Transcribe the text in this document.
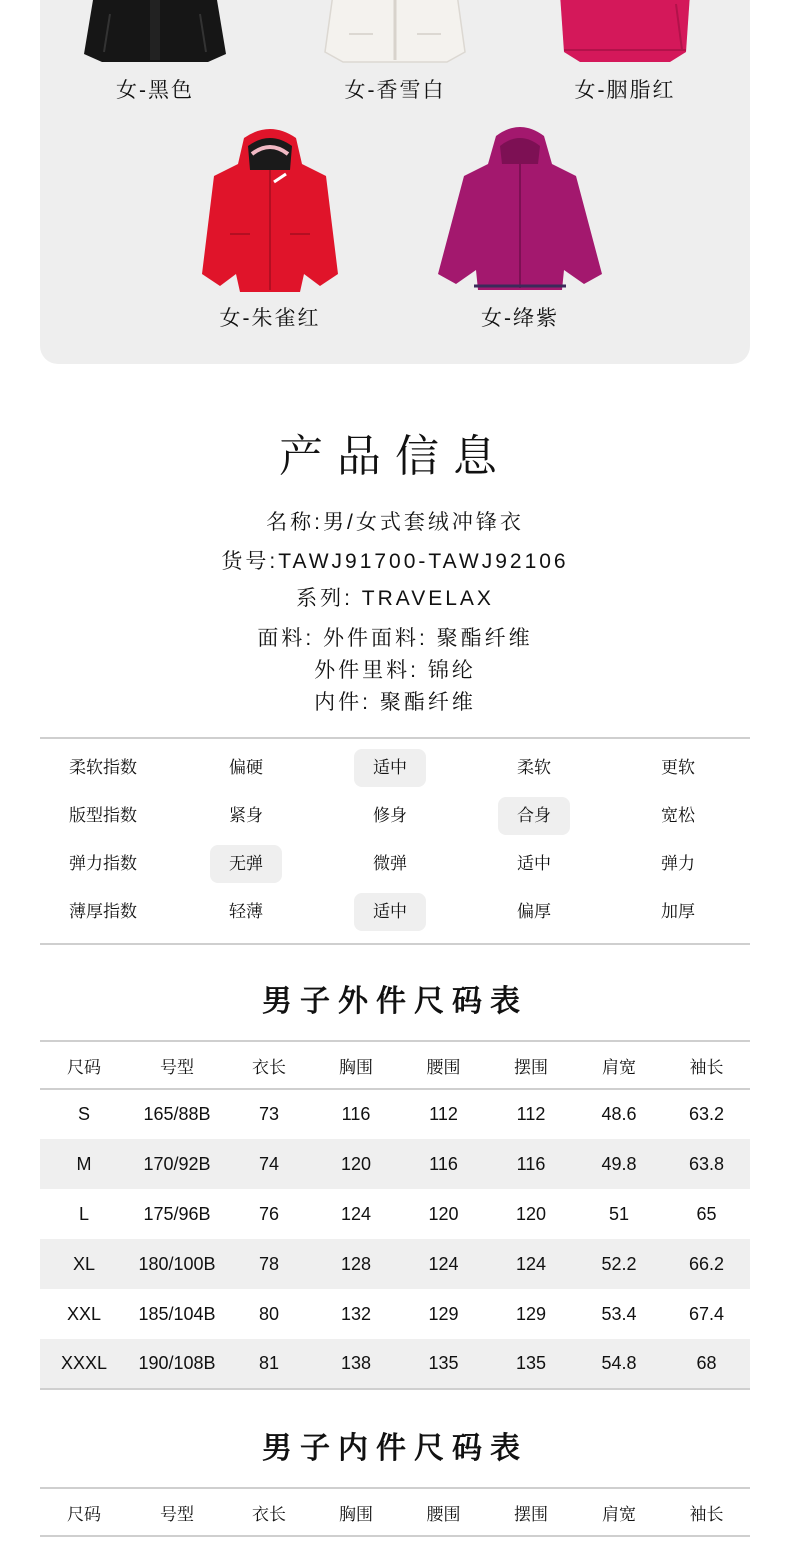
女-黑色	女-香雪白	女-胭脂红
女-朱雀红	女-绛紫
产品信息
名称:男/女式套绒冲锋衣
货号:TAWJ91700-TAWJ92106
系列: TRAVELAX
面料: 外件面料: 聚酯纤维
外件里料: 锦纶
内件: 聚酯纤维
柔软指数	偏硬	适中	柔软	更软
版型指数	紧身	修身	合身	宽松
弹力指数	无弹	微弹	适中	弹力
薄厚指数	轻薄	适中	偏厚	加厚
男子外件尺码表
尺码	号型	衣长	胸围	腰围	摆围	肩宽	袖长
S	165/88B	73	116	112	112	48.6	63.2
M	170/92B	74	120	116	116	49.8	63.8
L	175/96B	76	124	120	120	51	65
XL	180/100B	78	128	124	124	52.2	66.2
XXL	185/104B	80	132	129	129	53.4	67.4
XXXL	190/108B	81	138	135	135	54.8	68
男子内件尺码表
尺码	号型	衣长	胸围	腰围	摆围	肩宽	袖长
